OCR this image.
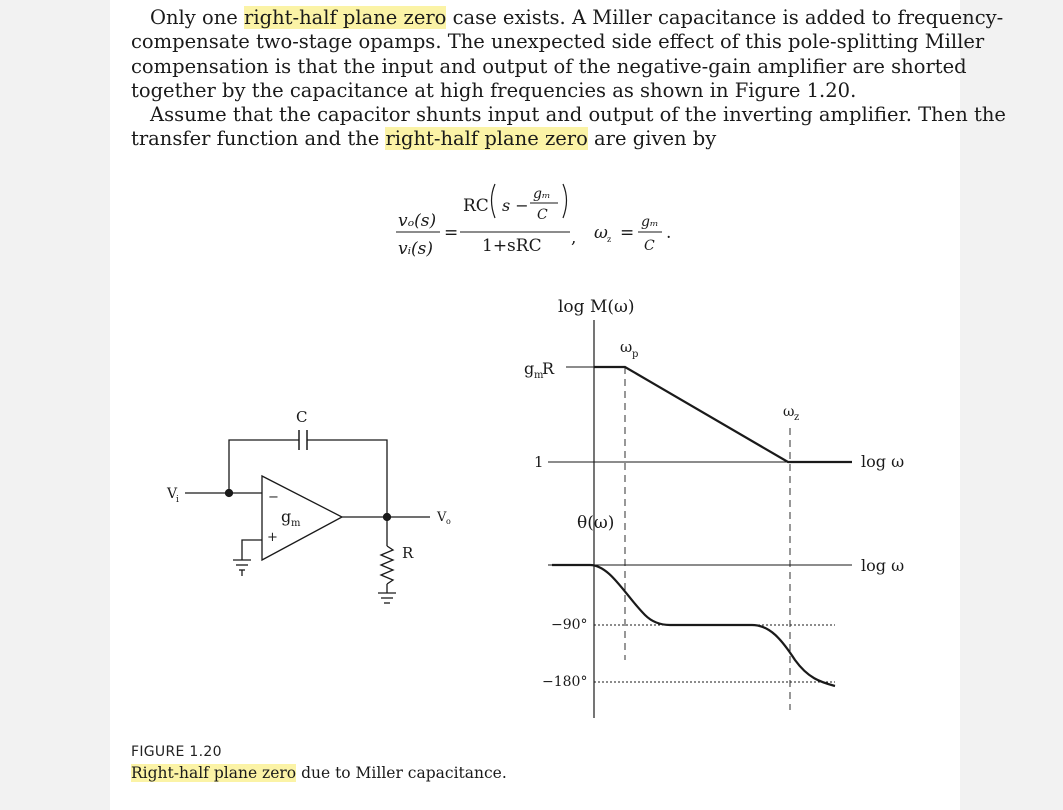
Only one right-half plane zero case exists. A Miller capacitance is added to frequency-
compensate two-stage opamps. The unexpected side effect of this pole-splitting Miller
compensation is that the input and output of the negative-gain amplifier are shorted
together by the capacitance at high frequencies as shown in Figure 1.20.
Assume that the capacitor shunts input and output of the inverting amplifier. Then the
transfer function and the right-half plane zero are given by
vₒ(s)
vᵢ(s)
=
RC s −
gₘ
C
1+sRC , ω z =
gₘ
C
.
C
V
i	−
+
g m	V o
R
log M(ω)
g m
R
1
ω p
ω z
log ω
θ(ω)
−90°
−180°
log ω
FIGURE 1.20
Right-half plane zero due to Miller capacitance.
